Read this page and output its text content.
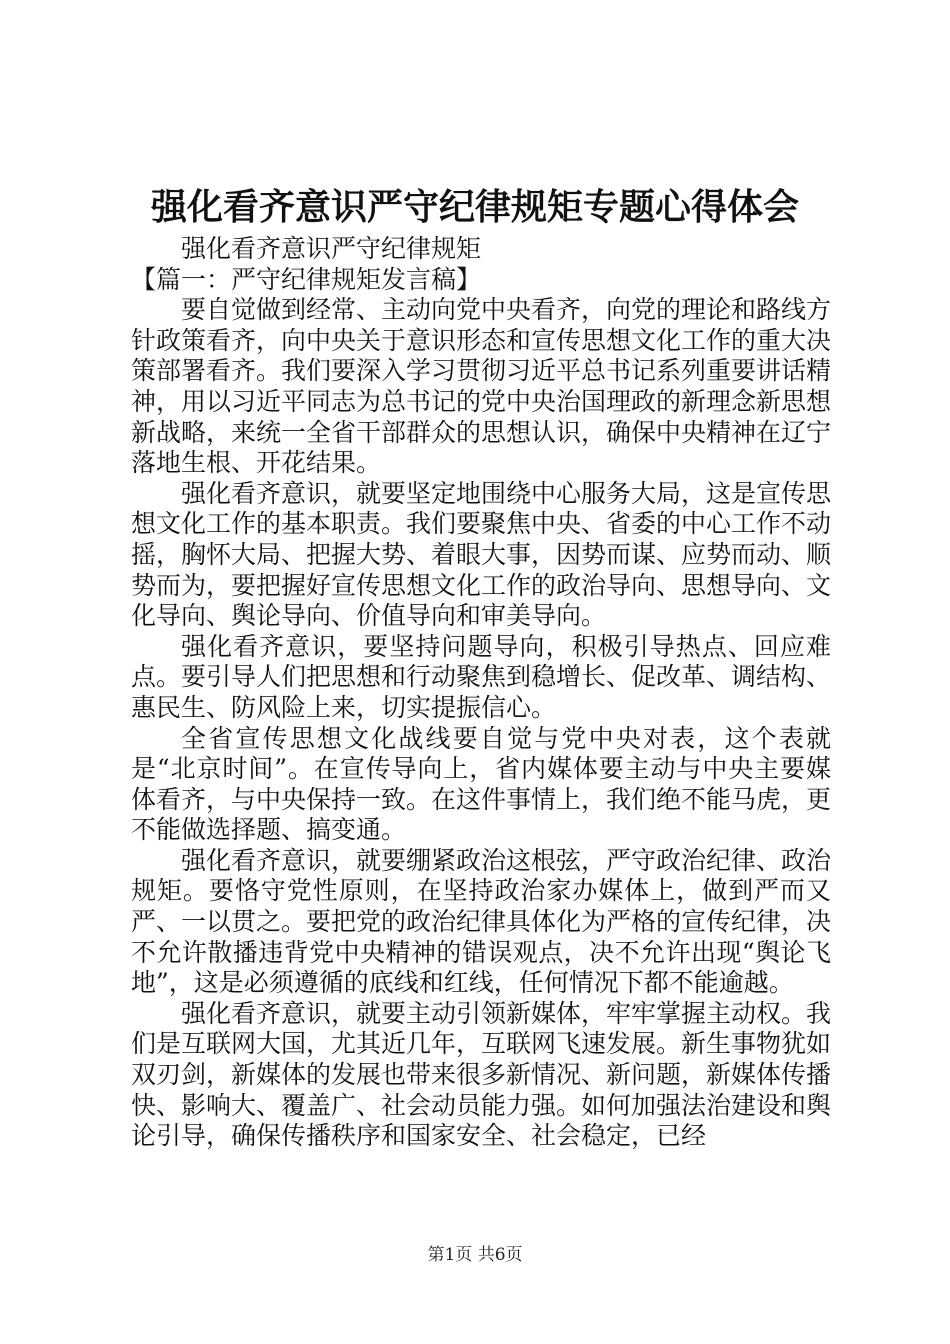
强化看齐意识严守纪律规矩专题心得体会

强化看齐意识严守纪律规矩

【篇一：严守纪律规矩发言稿】

要自觉做到经常、主动向党中央看齐，向党的理论和路线方针政策看齐，向中央关于意识形态和宣传思想文化工作的重大决策部署看齐。我们要深入学习贯彻习近平总书记系列重要讲话精神，用以习近平同志为总书记的党中央治国理政的新理念新思想新战略，来统一全省干部群众的思想认识，确保中央精神在辽宁落地生根、开花结果。

强化看齐意识，就要坚定地围绕中心服务大局，这是宣传思想文化工作的基本职责。我们要聚焦中央、省委的中心工作不动摇，胸怀大局、把握大势、着眼大事，因势而谋、应势而动、顺势而为，要把握好宣传思想文化工作的政治导向、思想导向、文化导向、舆论导向、价值导向和审美导向。

强化看齐意识，要坚持问题导向，积极引导热点、回应难点。要引导人们把思想和行动聚焦到稳增长、促改革、调结构、惠民生、防风险上来，切实提振信心。

全省宣传思想文化战线要自觉与党中央对表，这个表就是“北京时间”。在宣传导向上，省内媒体要主动与中央主要媒体看齐，与中央保持一致。在这件事情上，我们绝不能马虎，更不能做选择题、搞变通。

强化看齐意识，就要绷紧政治这根弦，严守政治纪律、政治规矩。要恪守党性原则，在坚持政治家办媒体上，做到严而又严、一以贯之。要把党的政治纪律具体化为严格的宣传纪律，决不允许散播违背党中央精神的错误观点，决不允许出现“舆论飞地”，这是必须遵循的底线和红线，任何情况下都不能逾越。

强化看齐意识，就要主动引领新媒体，牢牢掌握主动权。我们是互联网大国，尤其近几年，互联网飞速发展。新生事物犹如双刃剑，新媒体的发展也带来很多新情况、新问题，新媒体传播快、影响大、覆盖广、社会动员能力强。如何加强法治建设和舆论引导，确保传播秩序和国家安全、社会稳定，已经

第1页 共6页
